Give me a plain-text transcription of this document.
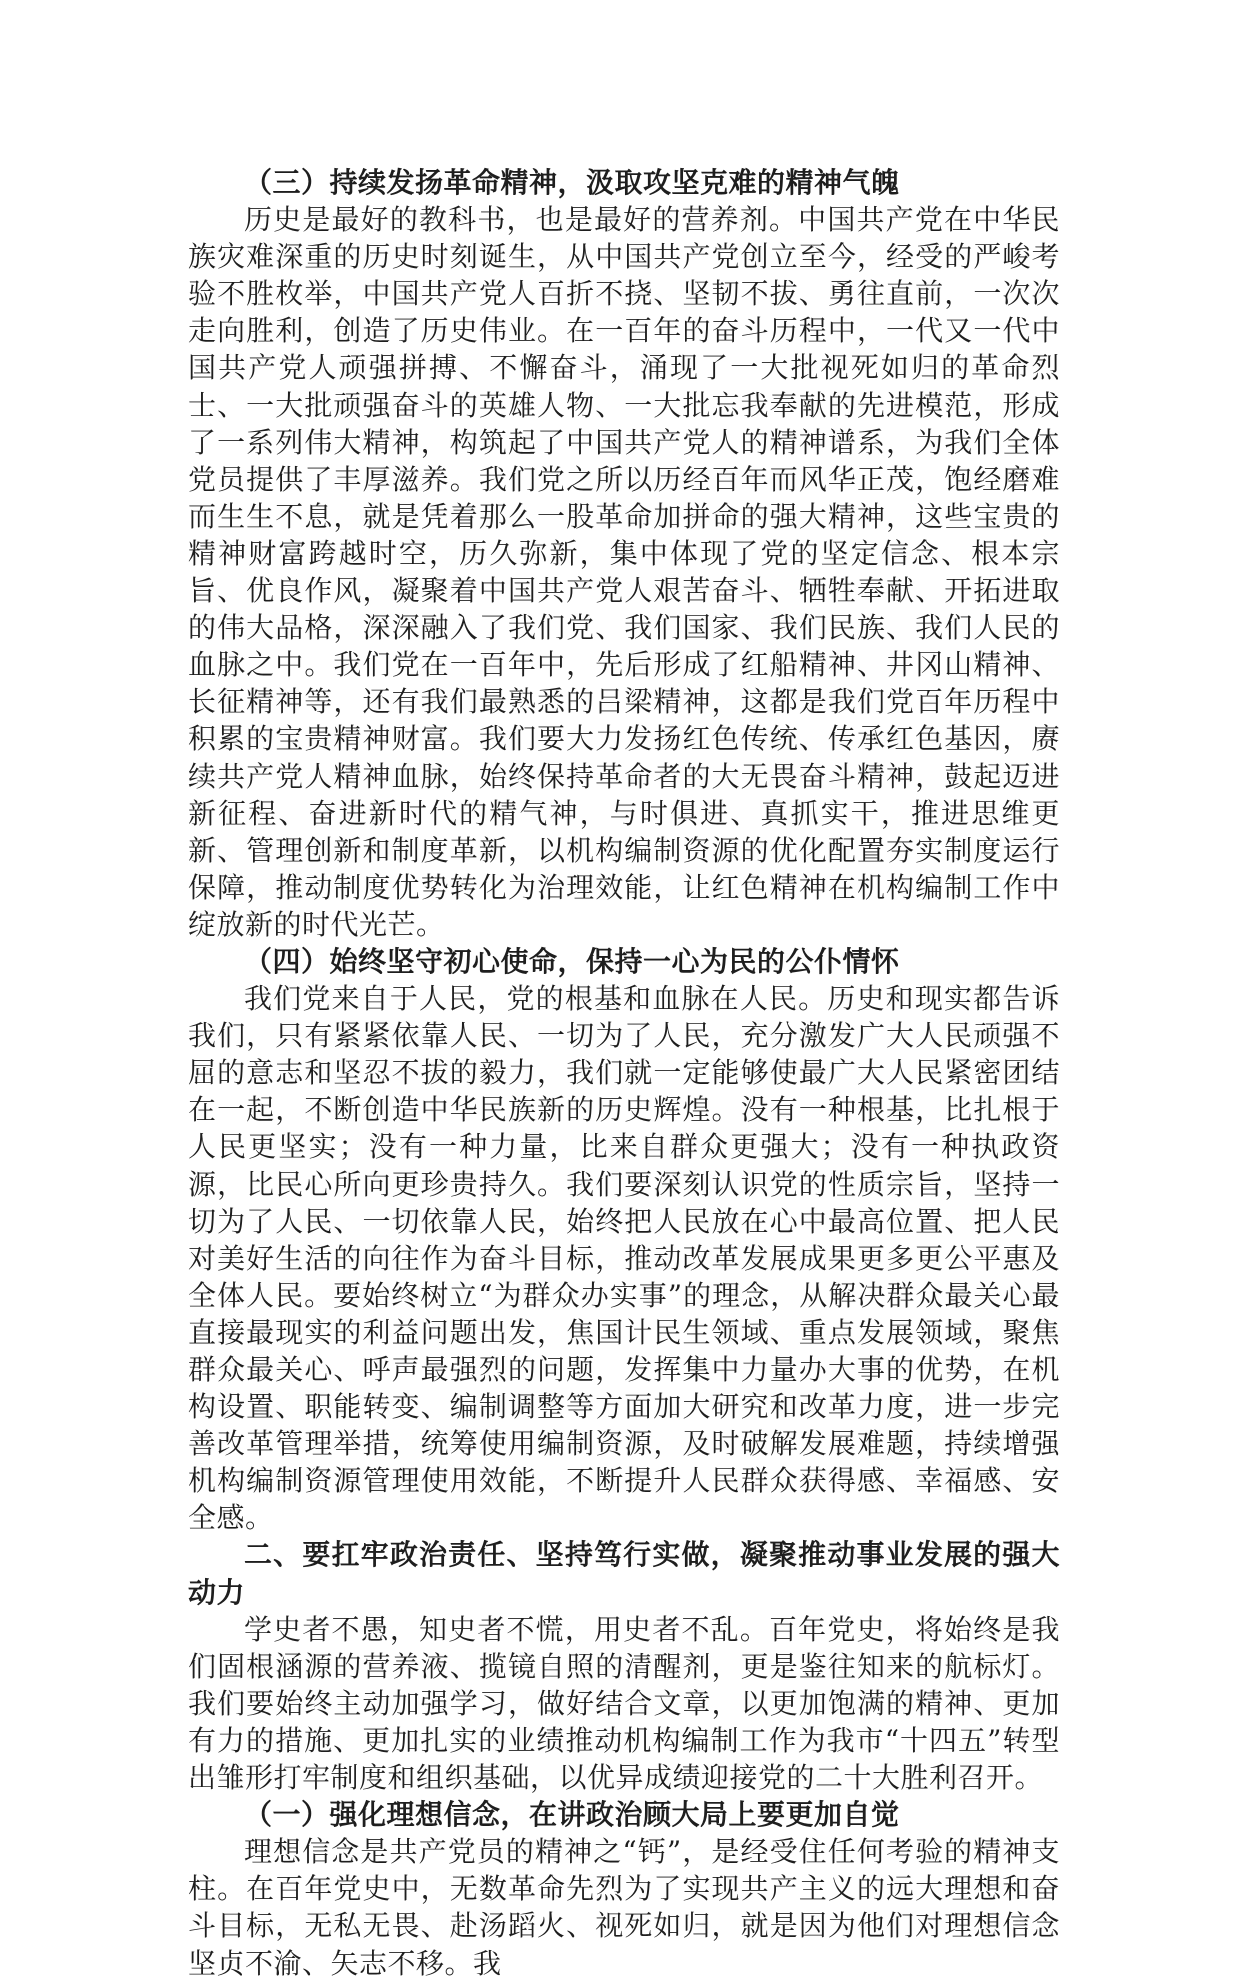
（三）持续发扬革命精神，汲取攻坚克难的精神气魄

历史是最好的教科书，也是最好的营养剂。中国共产党在中华民族灾难深重的历史时刻诞生，从中国共产党创立至今，经受的严峻考验不胜枚举，中国共产党人百折不挠、坚韧不拔、勇往直前，一次次走向胜利，创造了历史伟业。在一百年的奋斗历程中，一代又一代中国共产党人顽强拼搏、不懈奋斗，涌现了一大批视死如归的革命烈士、一大批顽强奋斗的英雄人物、一大批忘我奉献的先进模范，形成了一系列伟大精神，构筑起了中国共产党人的精神谱系，为我们全体党员提供了丰厚滋养。我们党之所以历经百年而风华正茂，饱经磨难而生生不息，就是凭着那么一股革命加拼命的强大精神，这些宝贵的精神财富跨越时空，历久弥新，集中体现了党的坚定信念、根本宗旨、优良作风，凝聚着中国共产党人艰苦奋斗、牺牲奉献、开拓进取的伟大品格，深深融入了我们党、我们国家、我们民族、我们人民的血脉之中。我们党在一百年中，先后形成了红船精神、井冈山精神、长征精神等，还有我们最熟悉的吕梁精神，这都是我们党百年历程中积累的宝贵精神财富。我们要大力发扬红色传统、传承红色基因，赓续共产党人精神血脉，始终保持革命者的大无畏奋斗精神，鼓起迈进新征程、奋进新时代的精气神，与时俱进、真抓实干，推进思维更新、管理创新和制度革新，以机构编制资源的优化配置夯实制度运行保障，推动制度优势转化为治理效能，让红色精神在机构编制工作中绽放新的时代光芒。

（四）始终坚守初心使命，保持一心为民的公仆情怀

我们党来自于人民，党的根基和血脉在人民。历史和现实都告诉我们，只有紧紧依靠人民、一切为了人民，充分激发广大人民顽强不屈的意志和坚忍不拔的毅力，我们就一定能够使最广大人民紧密团结在一起，不断创造中华民族新的历史辉煌。没有一种根基，比扎根于人民更坚实；没有一种力量，比来自群众更强大；没有一种执政资源，比民心所向更珍贵持久。我们要深刻认识党的性质宗旨，坚持一切为了人民、一切依靠人民，始终把人民放在心中最高位置、把人民对美好生活的向往作为奋斗目标，推动改革发展成果更多更公平惠及全体人民。要始终树立“为群众办实事”的理念，从解决群众最关心最直接最现实的利益问题出发，焦国计民生领域、重点发展领域，聚焦群众最关心、呼声最强烈的问题，发挥集中力量办大事的优势，在机构设置、职能转变、编制调整等方面加大研究和改革力度，进一步完善改革管理举措，统筹使用编制资源，及时破解发展难题，持续增强机构编制资源管理使用效能，不断提升人民群众获得感、幸福感、安全感。

二、要扛牢政治责任、坚持笃行实做，凝聚推动事业发展的强大动力

学史者不愚，知史者不慌，用史者不乱。百年党史，将始终是我们固根涵源的营养液、揽镜自照的清醒剂，更是鉴往知来的航标灯。我们要始终主动加强学习，做好结合文章，以更加饱满的精神、更加有力的措施、更加扎实的业绩推动机构编制工作为我市“十四五”转型出雏形打牢制度和组织基础，以优异成绩迎接党的二十大胜利召开。

（一）强化理想信念，在讲政治顾大局上要更加自觉

理想信念是共产党员的精神之“钙”，是经受住任何考验的精神支柱。在百年党史中，无数革命先烈为了实现共产主义的远大理想和奋斗目标，无私无畏、赴汤蹈火、视死如归，就是因为他们对理想信念坚贞不渝、矢志不移。我
